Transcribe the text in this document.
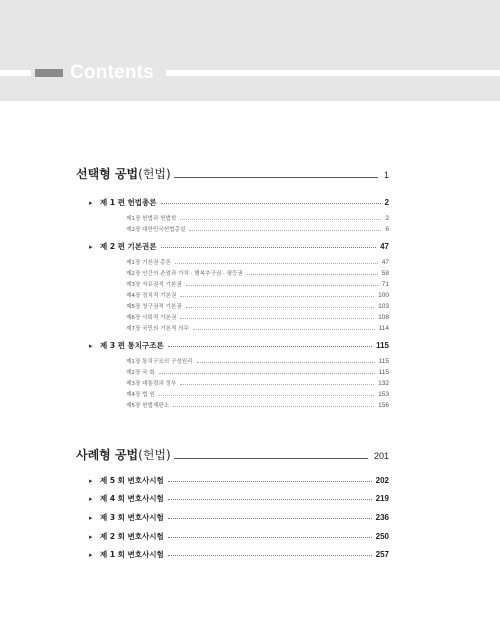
Contents
선택형 공법(헌법)	1
▸ 제 1 편 헌법총론	2
제1장 헌법과 헌법학	2
제2장 대한민국헌법총설	6
▸ 제 2 편 기본권론	47
제1장 기본권 총론	47
제2장 인간의 존엄과 가치 · 행복추구권 · 평등권	58
제3장 자유권적 기본권	71
제4장 정치적 기본권	100
제5장 청구권적 기본권	103
제6장 사회적 기본권	108
제7장 국민의 기본적 의무	114
▸ 제 3 편 통치구조론	115
제1장 통치구조의 구성원리	115
제2장 국 회	115
제3장 대통령과 정부	132
제4장 법 원	153
제5장 헌법재판소	156
사례형 공법(헌법)	201
▸ 제 5 회 변호사시험	202
▸ 제 4 회 변호사시험	219
▸ 제 3 회 변호사시험	236
▸ 제 2 회 변호사시험	250
▸ 제 1 회 변호사시험	257
